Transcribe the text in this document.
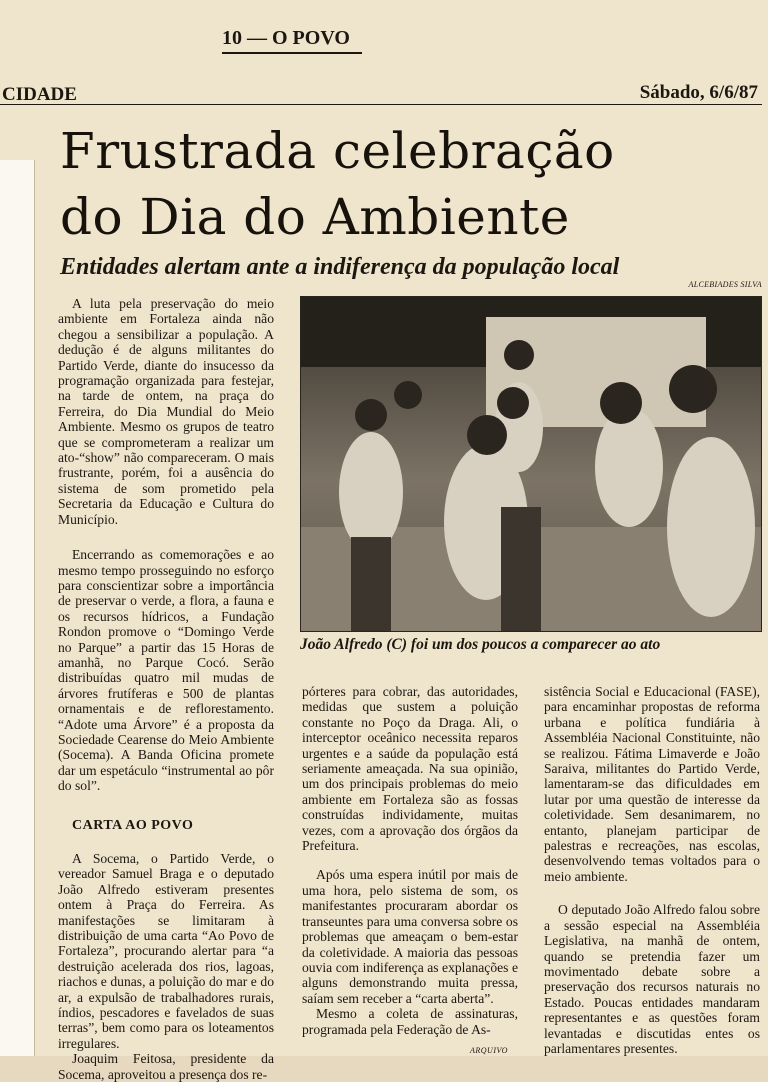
10 — O POVO
CIDADE	Sábado, 6/6/87
Frustrada celebração
do Dia do Ambiente
Entidades alertam ante a indiferença da população local
ALCEBIADES SILVA
João Alfredo (C) foi um dos poucos a comparecer ao ato

A luta pela preservação do meio ambiente em Fortaleza ainda não chegou a sensibilizar a população. A dedução é de alguns militantes do Partido Verde, diante do insucesso da programação organizada para festejar, na tarde de ontem, na praça do Ferreira, do Dia Mundial do Meio Ambiente. Mesmo os grupos de teatro que se comprometeram a realizar um ato-“show” não compareceram. O mais frustrante, porém, foi a ausência do sistema de som prometido pela Secretaria da Educação e Cultura do Município.

Encerrando as comemorações e ao mesmo tempo prosseguindo no esforço para conscientizar sobre a importância de preservar o verde, a flora, a fauna e os recursos hídricos, a Fundação Rondon promove o “Domingo Verde no Parque” a partir das 15 Horas de amanhã, no Parque Cocó. Serão distribuídas quatro mil mudas de árvores frutíferas e 500 de plantas ornamentais e de reflorestamento. “Adote uma Árvore” é a proposta da Sociedade Cearense do Meio Ambiente (Socema). A Banda Oficina promete dar um espetáculo “instrumental ao pôr do sol”.

CARTA AO POVO

A Socema, o Partido Verde, o vereador Samuel Braga e o deputado João Alfredo estiveram presentes ontem à Praça do Ferreira. As manifestações se limitaram à distribuição de uma carta “Ao Povo de Fortaleza”, procurando alertar para “a destruição acelerada dos rios, lagoas, riachos e dunas, a poluição do mar e do ar, a expulsão de trabalhadores rurais, índios, pescadores e favelados de suas terras”, bem como para os loteamentos irregulares.

Joaquim Feitosa, presidente da Socema, aproveitou a presença dos re-

pórteres para cobrar, das autoridades, medidas que sustem a poluição constante no Poço da Draga. Ali, o interceptor oceânico necessita reparos urgentes e a saúde da população está seriamente ameaçada. Na sua opinião, um dos principais problemas do meio ambiente em Fortaleza são as fossas construídas individamente, muitas vezes, com a aprovação dos órgãos da Prefeitura.

Após uma espera inútil por mais de uma hora, pelo sistema de som, os manifestantes procuraram abordar os transeuntes para uma conversa sobre os problemas que ameaçam o bem-estar da coletividade. A maioria das pessoas ouvia com indiferença as explanações e alguns demonstrando muita pressa, saíam sem receber a “carta aberta”.

Mesmo a coleta de assinaturas, programada pela Federação de As-

sistência Social e Educacional (FASE), para encaminhar propostas de reforma urbana e política fundiária à Assembléia Nacional Constituinte, não se realizou. Fátima Limaverde e João Saraiva, militantes do Partido Verde, lamentaram-se das dificuldades em lutar por uma questão de interesse da coletividade. Sem desanimarem, no entanto, planejam participar de palestras e recreações, nas escolas, desenvolvendo temas voltados para o meio ambiente.

O deputado João Alfredo falou sobre a sessão especial na Assembléia Legislativa, na manhã de ontem, quando se pretendia fazer um movimentado debate sobre a preservação dos recursos naturais no Estado. Poucas entidades mandaram representantes e as questões foram levantadas e discutidas entes os parlamentares presentes.

ARQUIVO
